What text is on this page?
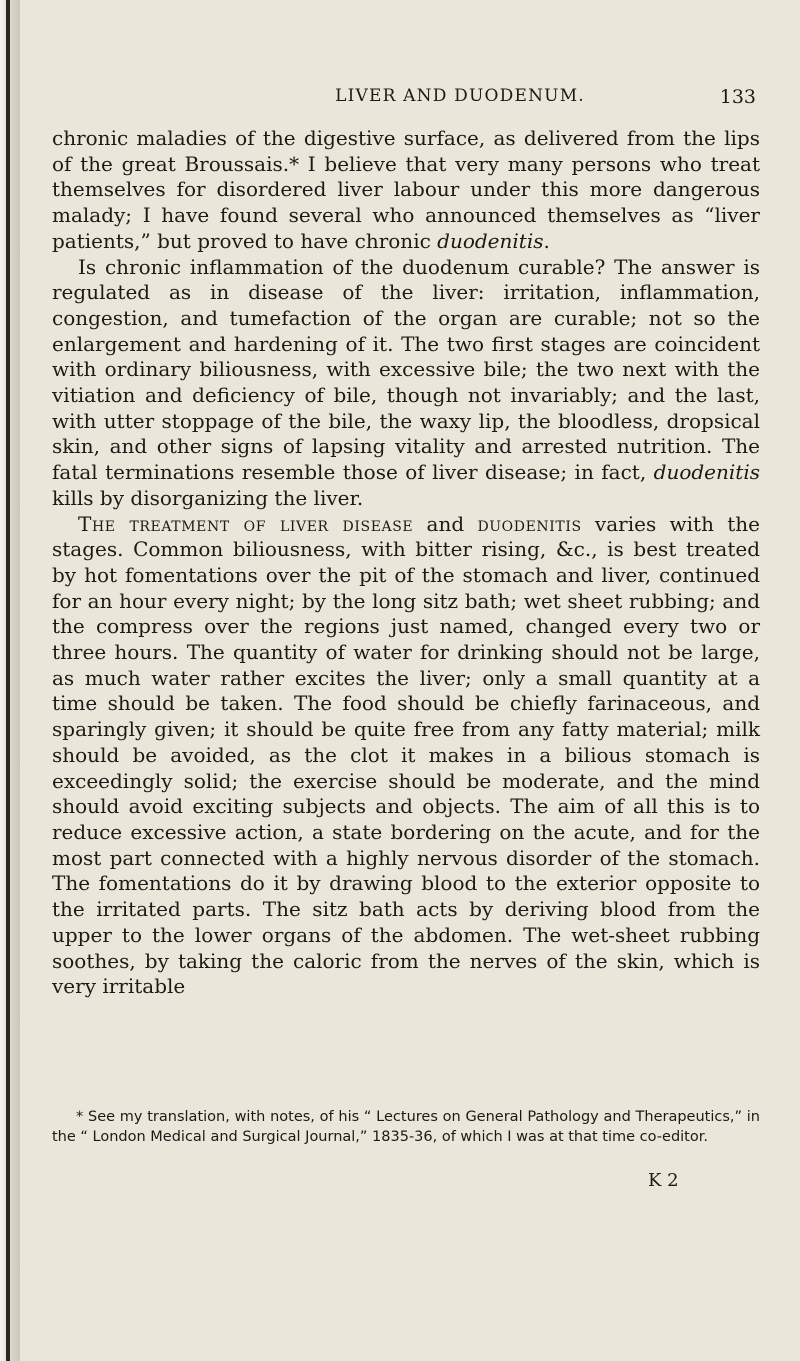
LIVER AND DUODENUM.	133

chronic maladies of the digestive surface, as delivered from the lips of the great Broussais.* I believe that very many persons who treat themselves for disordered liver labour under this more dangerous malady; I have found several who announced themselves as “liver patients,” but proved to have chronic duodenitis.

Is chronic inflammation of the duodenum curable? The answer is regulated as in disease of the liver: irritation, inflammation, congestion, and tumefaction of the organ are curable; not so the enlargement and hardening of it. The two first stages are coincident with ordinary biliousness, with excessive bile; the two next with the vitiation and deficiency of bile, though not invariably; and the last, with utter stoppage of the bile, the waxy lip, the bloodless, dropsical skin, and other signs of lapsing vitality and arrested nutrition. The fatal terminations resemble those of liver disease; in fact, duodenitis kills by disorganizing the liver.

The treatment of liver disease and duodenitis varies with the stages. Common biliousness, with bitter rising, &c., is best treated by hot fomentations over the pit of the stomach and liver, continued for an hour every night; by the long sitz bath; wet sheet rubbing; and the compress over the regions just named, changed every two or three hours. The quantity of water for drinking should not be large, as much water rather excites the liver; only a small quantity at a time should be taken. The food should be chiefly farinaceous, and sparingly given; it should be quite free from any fatty material; milk should be avoided, as the clot it makes in a bilious stomach is exceedingly solid; the exercise should be moderate, and the mind should avoid exciting subjects and objects. The aim of all this is to reduce excessive action, a state bordering on the acute, and for the most part connected with a highly nervous disorder of the stomach. The fomentations do it by drawing blood to the exterior opposite to the irritated parts. The sitz bath acts by deriving blood from the upper to the lower organs of the abdomen. The wet-sheet rubbing soothes, by taking the caloric from the nerves of the skin, which is very irritable

* See my translation, with notes, of his “ Lectures on General Pathology and Therapeutics,” in the “ London Medical and Surgical Journal,” 1835-36, of which I was at that time co-editor.

K 2
